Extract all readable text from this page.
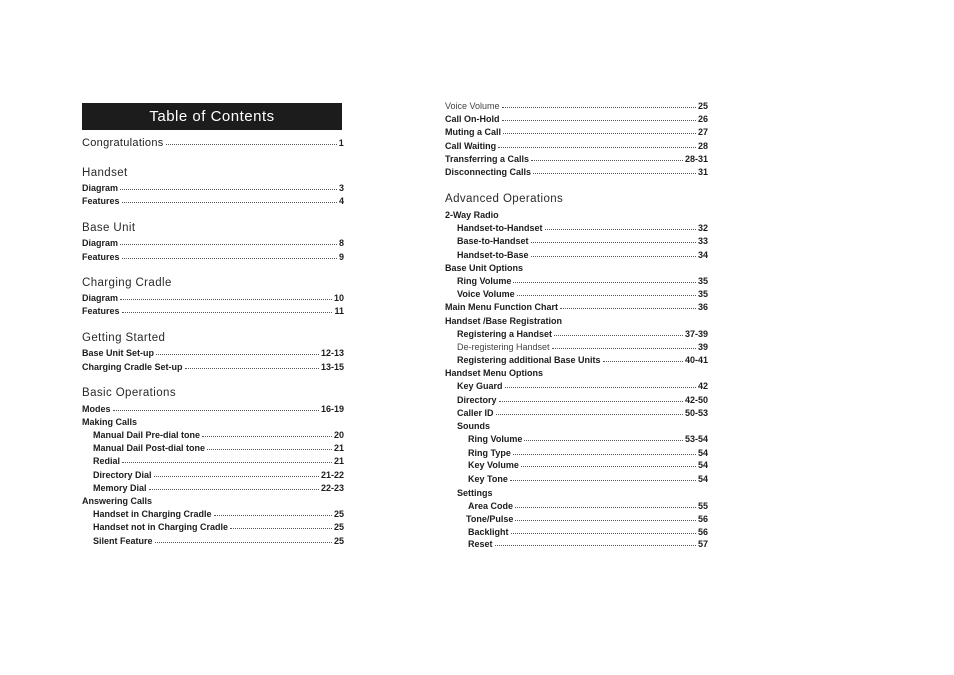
Table of Contents
Congratulations	1
Handset
Diagram	3
Features	4
Base Unit
Diagram	8
Features	9
Charging Cradle
Diagram	10
Features	11
Getting Started
Base Unit Set-up	12-13
Charging Cradle Set-up	13-15
Basic Operations
Modes	16-19
Making Calls
Manual Dail Pre-dial tone	20
Manual Dail Post-dial tone	21
Redial	21
Directory Dial	21-22
Memory Dial	22-23
Answering Calls
Handset in Charging Cradle	25
Handset not in Charging Cradle	25
Silent Feature	25
Voice Volume	25
Call On-Hold	26
Muting a Call	27
Call Waiting	28
Transferring a Calls	28-31
Disconnecting Calls	31
Advanced Operations
2-Way Radio
Handset-to-Handset	32
Base-to-Handset	33
Handset-to-Base	34
Base Unit Options
Ring Volume	35
Voice Volume	35
Main Menu Function Chart	36
Handset /Base Registration
Registering a Handset	37-39
De-registering Handset	39
Registering additional Base Units	40-41
Handset Menu Options
Key Guard	42
Directory	42-50
Caller ID	50-53
Sounds
Ring Volume	53-54
Ring Type	54
Key Volume	54
Key Tone	54
Settings
Area Code	55
Tone/Pulse	56
Backlight	56
Reset	57
